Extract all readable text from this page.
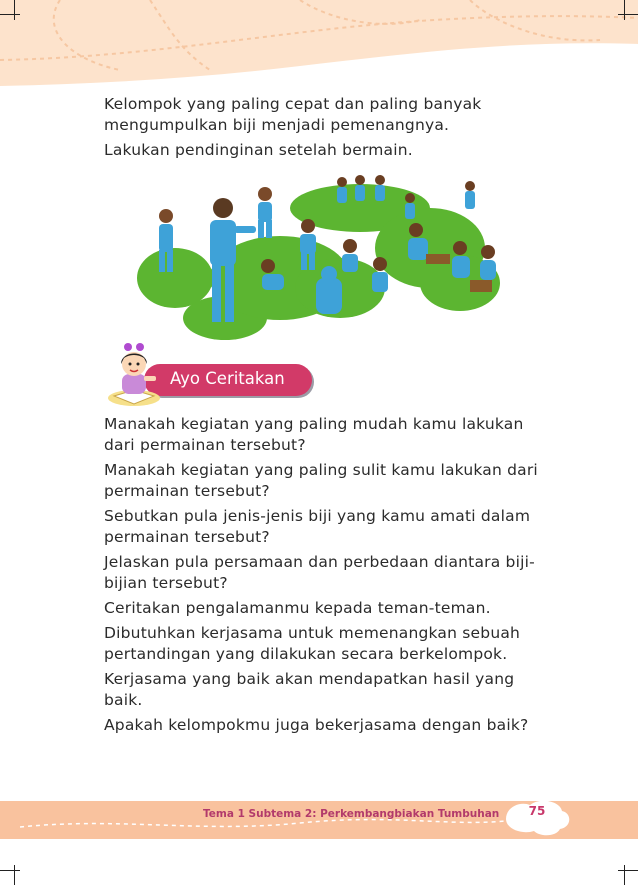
Kelompok yang paling cepat dan paling banyak mengumpulkan biji menjadi pemenangnya.

Lakukan pendinginan setelah bermain.

Ayo Ceritakan

Manakah kegiatan yang paling mudah kamu lakukan dari permainan tersebut?

Manakah kegiatan yang paling sulit kamu lakukan dari permainan tersebut?

Sebutkan pula jenis-jenis biji yang kamu amati dalam permainan tersebut?

Jelaskan pula persamaan dan perbedaan diantara biji-bijian tersebut?

Ceritakan pengalamanmu kepada teman-teman.

Dibutuhkan kerjasama untuk memenangkan sebuah pertandingan yang dilakukan secara berkelompok.

Kerjasama yang baik akan mendapatkan hasil yang baik.

Apakah kelompokmu juga bekerjasama dengan baik?

Tema 1 Subtema 2: Perkembangbiakan Tumbuhan	75
